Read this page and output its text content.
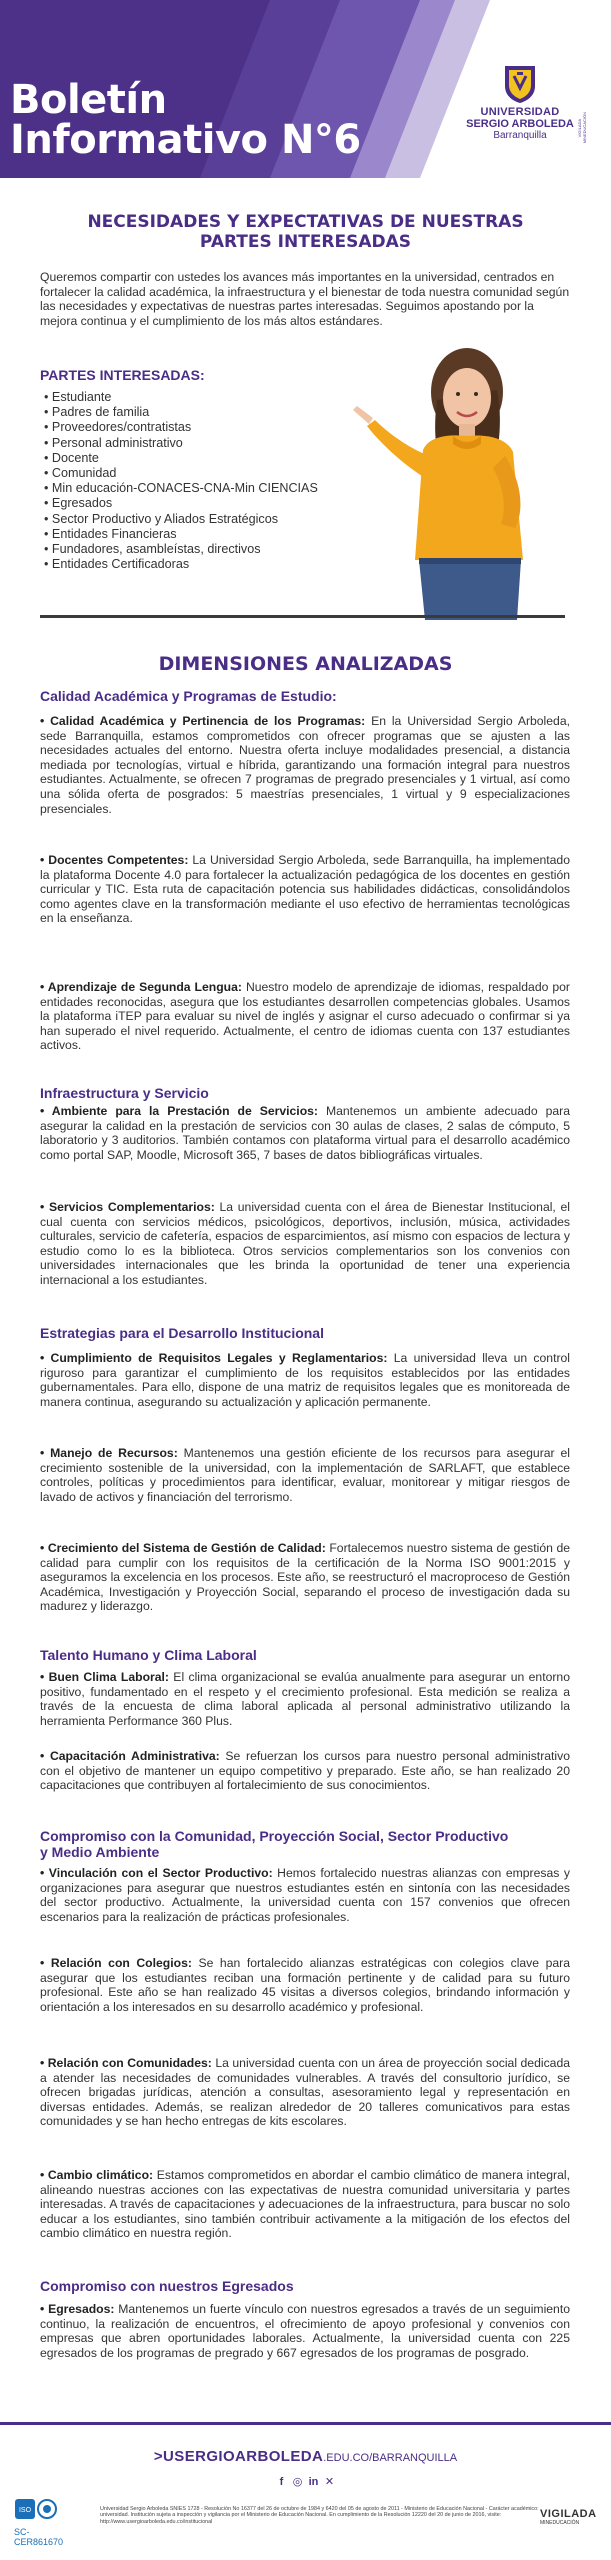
Boletín
Informativo N°6
UNIVERSIDAD
SERGIO ARBOLEDA
Barranquilla	VIGILADA MINEDUCACIÓN
NECESIDADES Y EXPECTATIVAS DE NUESTRAS
PARTES INTERESADAS
Queremos compartir con ustedes los avances más importantes en la universidad, centrados en fortalecer la calidad académica, la infraestructura y el bienestar de toda nuestra comunidad según las necesidades y expectativas de nuestras partes interesadas. Seguimos apostando por la mejora continua y el cumplimiento de los más altos estándares.
PARTES INTERESADAS:
• Estudiante
• Padres de familia
• Proveedores/contratistas
• Personal administrativo
• Docente
• Comunidad
• Min educación-CONACES-CNA-Min CIENCIAS
• Egresados
• Sector Productivo y Aliados Estratégicos
• Entidades Financieras
• Fundadores, asambleístas, directivos
• Entidades Certificadoras
DIMENSIONES ANALIZADAS
Calidad Académica y Programas de Estudio:

• Calidad Académica y Pertinencia de los Programas: En la Universidad Sergio Arboleda, sede Barranquilla, estamos comprometidos con ofrecer programas que se ajusten a las necesidades actuales del entorno. Nuestra oferta incluye modalidades presencial, a distancia mediada por tecnologías, virtual e híbrida, garantizando una formación integral para nuestros estudiantes. Actualmente, se ofrecen 7 programas de pregrado presenciales y 1 virtual, así como una sólida oferta de posgrados: 5 maestrías presenciales, 1 virtual y 9 especializaciones presenciales.

• Docentes Competentes: La Universidad Sergio Arboleda, sede Barranquilla, ha implementado la plataforma Docente 4.0 para fortalecer la actualización pedagógica de los docentes en gestión curricular y TIC. Esta ruta de capacitación potencia sus habilidades didácticas, consolidándolos como agentes clave en la transformación mediante el uso efectivo de herramientas tecnológicas en la enseñanza.

• Aprendizaje de Segunda Lengua: Nuestro modelo de aprendizaje de idiomas, respaldado por entidades reconocidas, asegura que los estudiantes desarrollen competencias globales. Usamos la plataforma iTEP para evaluar su nivel de inglés y asignar el curso adecuado o confirmar si ya han superado el nivel requerido. Actualmente, el centro de idiomas cuenta con 137 estudiantes activos.

Infraestructura y Servicio

• Ambiente para la Prestación de Servicios: Mantenemos un ambiente adecuado para asegurar la calidad en la prestación de servicios con 30 aulas de clases, 2 salas de cómputo, 5 laboratorio y 3 auditorios. También contamos con plataforma virtual para el desarrollo académico como portal SAP, Moodle, Microsoft 365, 7 bases de datos bibliográficas virtuales.

• Servicios Complementarios: La universidad cuenta con el área de Bienestar Institucional, el cual cuenta con servicios médicos, psicológicos, deportivos, inclusión, música, actividades culturales, servicio de cafetería, espacios de esparcimientos, así mismo con espacios de lectura y estudio como lo es la biblioteca. Otros servicios complementarios son los convenios con universidades internacionales que les brinda la oportunidad de tener una experiencia internacional a los estudiantes.

Estrategias para el Desarrollo Institucional

• Cumplimiento de Requisitos Legales y Reglamentarios: La universidad lleva un control riguroso para garantizar el cumplimiento de los requisitos establecidos por las entidades gubernamentales. Para ello, dispone de una matriz de requisitos legales que es monitoreada de manera continua, asegurando su actualización y aplicación permanente.

• Manejo de Recursos: Mantenemos una gestión eficiente de los recursos para asegurar el crecimiento sostenible de la universidad, con la implementación de SARLAFT, que establece controles, políticas y procedimientos para identificar, evaluar, monitorear y mitigar riesgos de lavado de activos y financiación del terrorismo.

• Crecimiento del Sistema de Gestión de Calidad: Fortalecemos nuestro sistema de gestión de calidad para cumplir con los requisitos de la certificación de la Norma ISO 9001:2015 y aseguramos la excelencia en los procesos. Este año, se reestructuró el macroproceso de Gestión Académica, Investigación y Proyección Social, separando el proceso de investigación dada su madurez y liderazgo.

Talento Humano y Clima Laboral

• Buen Clima Laboral: El clima organizacional se evalúa anualmente para asegurar un entorno positivo, fundamentado en el respeto y el crecimiento profesional. Esta medición se realiza a través de la encuesta de clima laboral aplicada al personal administrativo utilizando la herramienta Performance 360 Plus.

• Capacitación Administrativa: Se refuerzan los cursos para nuestro personal administrativo con el objetivo de mantener un equipo competitivo y preparado. Este año, se han realizado 20 capacitaciones que contribuyen al fortalecimiento de sus conocimientos.

Compromiso con la Comunidad, Proyección Social, Sector Productivo
y Medio Ambiente

• Vinculación con el Sector Productivo: Hemos fortalecido nuestras alianzas con empresas y organizaciones para asegurar que nuestros estudiantes estén en sintonía con las necesidades del sector productivo. Actualmente, la universidad cuenta con 157 convenios que ofrecen escenarios para la realización de prácticas profesionales.

• Relación con Colegios: Se han fortalecido alianzas estratégicas con colegios clave para asegurar que los estudiantes reciban una formación pertinente y de calidad para su futuro profesional. Este año se han realizado 45 visitas a diversos colegios, brindando información y orientación a los interesados en su desarrollo académico y profesional.

• Relación con Comunidades: La universidad cuenta con un área de proyección social dedicada a atender las necesidades de comunidades vulnerables. A través del consultorio jurídico, se ofrecen brigadas jurídicas, atención a consultas, asesoramiento legal y representación en diversas entidades. Además, se realizan alrededor de 20 talleres comunicativos para estas comunidades y se han hecho entregas de kits escolares.

• Cambio climático: Estamos comprometidos en abordar el cambio climático de manera integral, alineando nuestras acciones con las expectativas de nuestra comunidad universitaria y partes interesadas. A través de capacitaciones y adecuaciones de la infraestructura, para buscar no solo educar a los estudiantes, sino también contribuir activamente a la mitigación de los efectos del cambio climático en nuestra región.

Compromiso con nuestros Egresados

• Egresados: Mantenemos un fuerte vínculo con nuestros egresados a través de un seguimiento continuo, la realización de encuentros, el ofrecimiento de apoyo profesional y convenios con empresas que abren oportunidades laborales. Actualmente, la universidad cuenta con 225 egresados de los programas de pregrado y 667 egresados de los programas de posgrado.

>USERGIOARBOLEDA.EDU.CO/BARRANQUILLA
f ◎ in ✕
ISO
SC-CER861670
Universidad Sergio Arboleda SNIES 1728 - Resolución No 16377 del 26 de octubre de 1984 y 6420 del 05 de agosto de 2011 - Ministerio de Educación Nacional - Carácter académico: universidad. Institución sujeta a inspección y vigilancia por el Ministerio de Educación Nacional. En cumplimiento de la Resolución 12220 del 20 de junio de 2016, visite: http://www.usergioarboleda.edu.co/institucional
VIGILADA
MINEDUCACIÓN
